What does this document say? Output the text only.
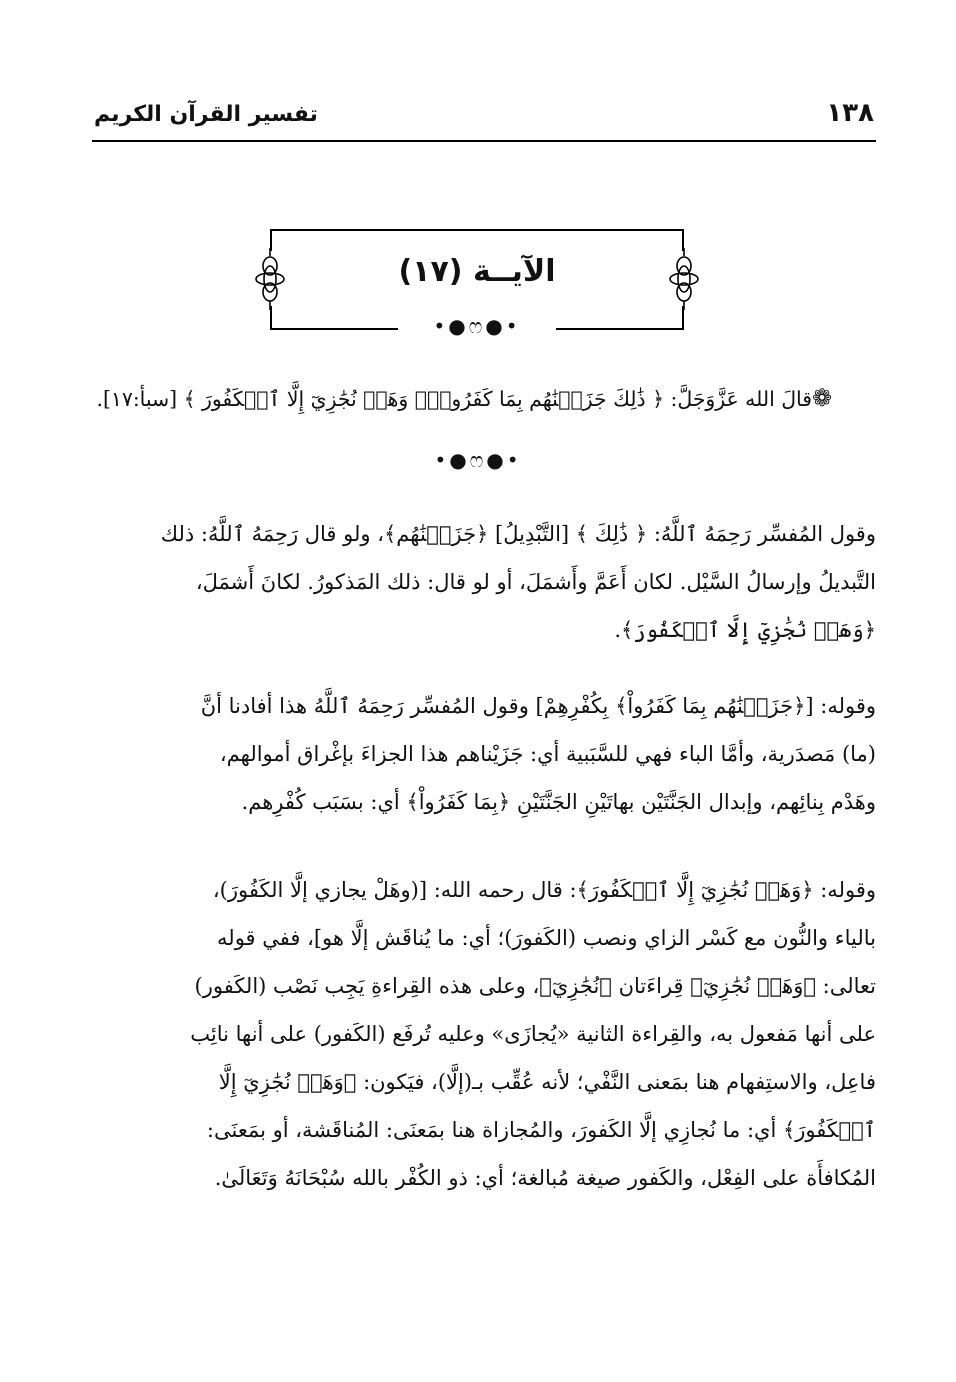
١٣٨
تفسير القرآن الكريم
الآيــة (١٧)
•●ෆ●•
❁
قالَ الله عَزَّوَجَلَّ: ﴿ ذَٰلِكَ جَزَيۡنَٰهُم بِمَا كَفَرُواْۖ وَهَلۡ نُجَٰزِيٓ إِلَّا ٱلۡكَفُورَ ﴾ [سبأ:١٧].
•●ෆ●•
وقول المُفسِّر رَحِمَهُ ٱللَّهُ: ﴿ ذَٰلِكَ ﴾ [التَّبْدِيلُ] ﴿جَزَيۡنَٰهُم﴾، ولو قال رَحِمَهُ ٱللَّهُ: ذلك
التَّبديلُ وإرسالُ السَّيْل. لكان أَعَمَّ وأَشمَلَ، أو لو قال: ذلك المَذكورُ. لكانَ أَشمَلَ،
﴿وَهَلۡ نُجَٰزِيٓ إِلَّا ٱلۡكَفُورَ﴾.
وقوله: [﴿جَزَيۡنَٰهُم بِمَا كَفَرُواْ﴾ بِكُفْرِهِمْ] وقول المُفسِّر رَحِمَهُ ٱللَّهُ هذا أفادنا أنَّ
(ما) مَصدَرية، وأمَّا الباء فهي للسَّبَبية أي: جَزَيْناهم هذا الجزاءَ بإغْراق أموالهم،
وهَدْم بِنائِهم، وإبدال الجَنَّتَيْن بهاتَيْنِ الجَنَّتَيْنِ ﴿بِمَا كَفَرُواْ﴾ أي: بسَبَب كُفْرِهم.
وقوله: ﴿وَهَلۡ نُجَٰزِيٓ إِلَّا ٱلۡكَفُورَ﴾: قال رحمه الله: [(وهَلْ يجازي إلَّا الكَفُورَ)،
بالياء والنُّون مع كَسْر الزاي ونصب (الكَفورَ)؛ أي: ما يُناقَش إلَّا هو]، ففي قوله
تعالى: ﴿وَهَلۡ نُجَٰزِيٓ﴾ قِراءَتان ﴿نُجَٰزِيٓ﴾، وعلى هذه القِراءةِ يَجِب نَصْب (الكَفور)
على أنها مَفعول به، والقِراءة الثانية «يُجازَى» وعليه تُرفَع (الكَفور) على أنها نائِب
فاعِل، والاستِفهام هنا بمَعنى النَّفْي؛ لأنه عُقِّب بـ(إلَّا)، فيَكون: ﴿وَهَلۡ نُجَٰزِيٓ إِلَّا
ٱلۡكَفُورَ﴾ أي: ما نُجازِي إلَّا الكَفورَ، والمُجازاة هنا بمَعنَى: المُناقَشة، أو بمَعنَى:
المُكافأَة على الفِعْل، والكَفور صيغة مُبالغة؛ أي: ذو الكُفْر بالله سُبْحَانَهُ وَتَعَالَىٰ.
